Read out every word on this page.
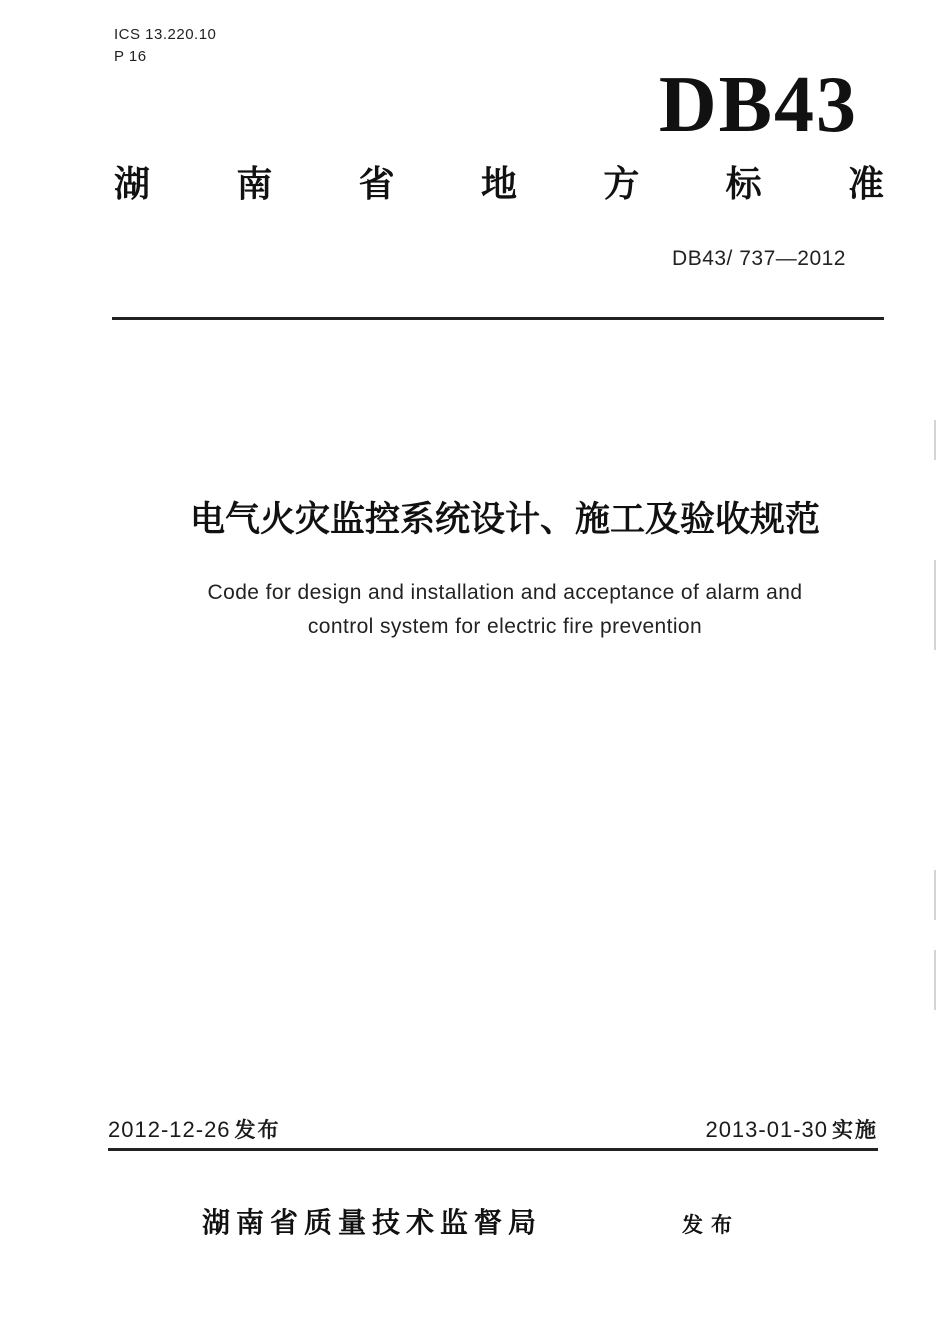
ICS 13.220.10
P 16
DB43
湖 南 省 地 方 标 准
DB43/ 737—2012
电气火灾监控系统设计、施工及验收规范
Code for design and installation and acceptance of alarm and
control system for electric fire prevention
2012-12-26 发布	2013-01-30 实施
湖南省质量技术监督局	发布
